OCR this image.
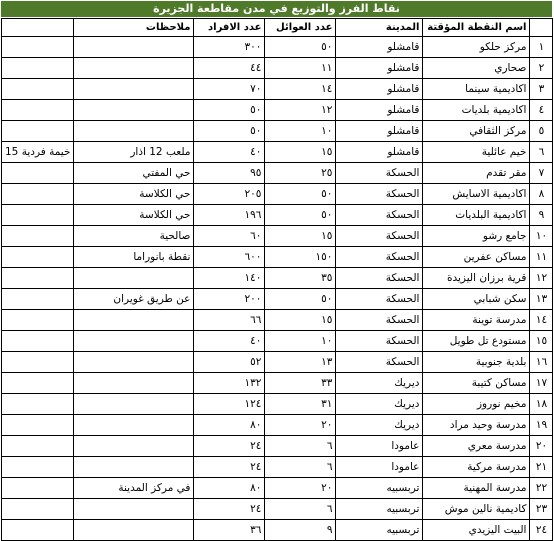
نقاط الفرز والتوزيع في مدن مقاطعة الجزيرة
	ملاحظات	عدد الافراد	عدد العوائل	المدينة	اسم النقطة المؤقتة	
		٣٠٠	٥٠	قامشلو	مركز حلكو	١
		٤٤	١١	قامشلو	صحاري	٢
		٧٠	١٤	قامشلو	اكاديمية سينما	٣
		٥٠	١٢	قامشلو	اكاديمية بلديات	٤
		٥٠	١٠	قامشلو	مركز الثقافي	٥
خيمة فردية 15	ملعب 12 اذار	٤٠	١٥	قامشلو	خيم عائلية	٦
	حي المفتي	٩٥	٢٥	الحسكة	مقر تقدم	٧
	حي الكلاسة	٢٠٥	٥٠	الحسكة	اكاديمية الاسايش	٨
	حي الكلاسة	١٩٦	٥٠	الحسكة	اكاديمية البلديات	٩
	صالحية	٦٠	١٥	الحسكة	جامع رشو	١٠
	نقطة بانوراما	٦٠٠	١٥٠	الحسكة	مساكن عفرين	١١
		١٤٠	٣٥	الحسكة	قرية برزان اليزيدة	١٢
	عن طريق غويران	٢٠٠	٥٠	الحسكة	سكن شبابي	١٣
		٦٦	١٥	الحسكة	مدرسة توينة	١٤
		٤٠	١٠	الحسكة	مستودع تل طويل	١٥
		٥٢	١٣	الحسكة	بلدية جنوبية	١٦
		١٣٢	٣٣	ديريك	مساكن كتيبة	١٧
		١٢٤	٣١	ديريك	مخيم نوروز	١٨
		٨٠	٢٠	ديريك	مدرسة وحيد مراد	١٩
		٢٤	٦	عامودا	مدرسة معري	٢٠
		٢٤	٦	عامودا	مدرسة مركية	٢١
	في مركز المدينة	٨٠	٢٠	تربسبيه	مدرسة المهنية	٢٢
		٢٤	٦	تربسبيه	كاديمية نالين موش	٢٣
		٣٦	٩	تربسبيه	البيت اليزيدي	٢٤
